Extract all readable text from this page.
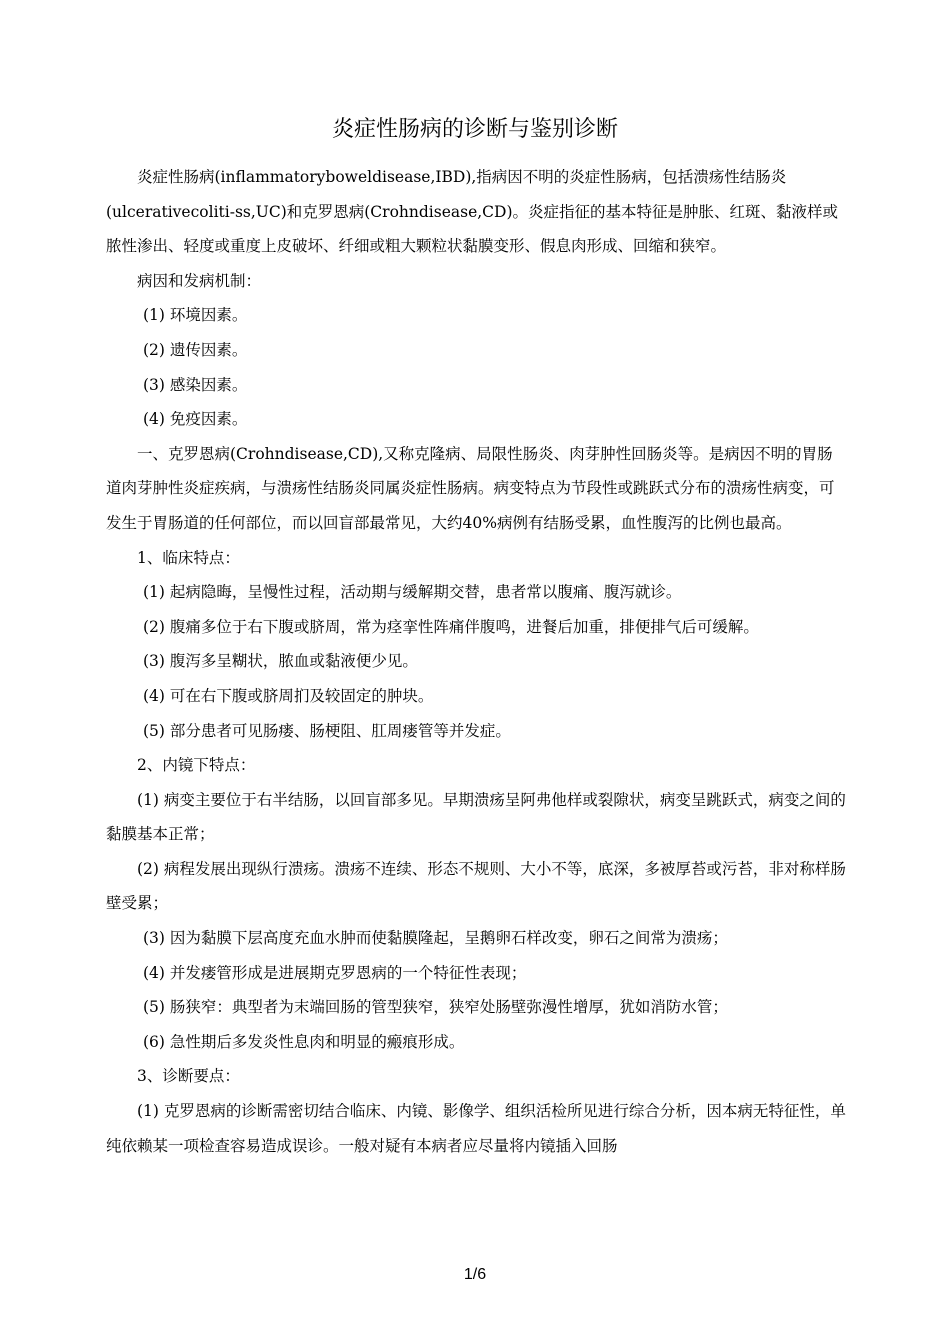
炎症性肠病的诊断与鉴别诊断

炎症性肠病(inflammatoryboweldisease,IBD),指病因不明的炎症性肠病，包括溃疡性结肠炎(ulcerativecoliti-ss,UC)和克罗恩病(Crohndisease,CD)。炎症指征的基本特征是肿胀、红斑、黏液样或脓性渗出、轻度或重度上皮破坏、纤细或粗大颗粒状黏膜变形、假息肉形成、回缩和狭窄。

病因和发病机制：

(1) 环境因素。

(2) 遗传因素。

(3) 感染因素。

(4) 免疫因素。

一、克罗恩病(Crohndisease,CD),又称克隆病、局限性肠炎、肉芽肿性回肠炎等。是病因不明的胃肠道肉芽肿性炎症疾病，与溃疡性结肠炎同属炎症性肠病。病变特点为节段性或跳跃式分布的溃疡性病变，可发生于胃肠道的任何部位，而以回盲部最常见，大约40%病例有结肠受累，血性腹泻的比例也最高。

1、临床特点：

(1) 起病隐晦，呈慢性过程，活动期与缓解期交替，患者常以腹痛、腹泻就诊。

(2) 腹痛多位于右下腹或脐周，常为痉挛性阵痛伴腹鸣，进餐后加重，排便排气后可缓解。

(3) 腹泻多呈糊状，脓血或黏液便少见。

(4) 可在右下腹或脐周扪及较固定的肿块。

(5) 部分患者可见肠瘘、肠梗阻、肛周瘘管等并发症。

2、内镜下特点：

(1) 病变主要位于右半结肠，以回盲部多见。早期溃疡呈阿弗他样或裂隙状，病变呈跳跃式，病变之间的黏膜基本正常；

(2) 病程发展出现纵行溃疡。溃疡不连续、形态不规则、大小不等，底深，多被厚苔或污苔，非对称样肠壁受累；

(3) 因为黏膜下层高度充血水肿而使黏膜隆起，呈鹅卵石样改变，卵石之间常为溃疡；

(4) 并发瘘管形成是进展期克罗恩病的一个特征性表现；

(5) 肠狭窄：典型者为末端回肠的管型狭窄，狭窄处肠壁弥漫性增厚，犹如消防水管；

(6) 急性期后多发炎性息肉和明显的瘢痕形成。

3、诊断要点：

(1) 克罗恩病的诊断需密切结合临床、内镜、影像学、组织活检所见进行综合分析，因本病无特征性，单纯依赖某一项检查容易造成误诊。一般对疑有本病者应尽量将内镜插入回肠

1/6
